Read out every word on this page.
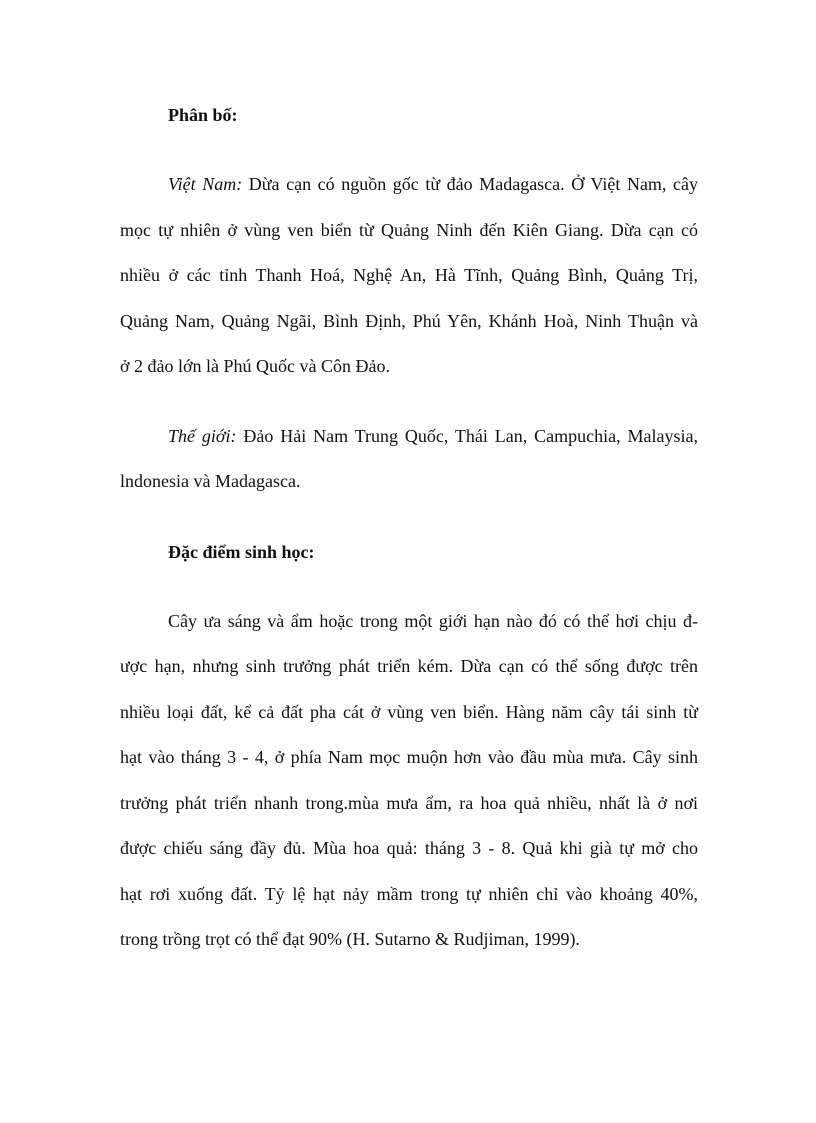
Phân bố:

Việt Nam: Dừa cạn có nguồn gốc từ đảo Madagasca. Ở Việt Nam, cây
mọc tự nhiên ở vùng ven biển từ Quảng Ninh đến Kiên Giang. Dừa cạn có
nhiều ở các tỉnh Thanh Hoá, Nghệ An, Hà Tĩnh, Quảng Bình, Quảng Trị,
Quảng Nam, Quảng Ngãi, Bình Định, Phú Yên, Khánh Hoà, Ninh Thuận và
ở 2 đảo lớn là Phú Quốc và Côn Đảo.

Thế giới: Đảo Hải Nam Trung Quốc, Thái Lan, Campuchia, Malaysia,
lndonesia và Madagasca.

Đặc điểm sinh học:

Cây ưa sáng và ẩm hoặc trong một giới hạn nào đó có thể hơi chịu đ-
ược hạn, nhưng sinh trưởng phát triển kém. Dừa cạn có thể sống được trên
nhiều loại đất, kể cả đất pha cát ở vùng ven biển. Hàng năm cây tái sinh từ
hạt vào tháng 3 - 4, ở phía Nam mọc muộn hơn vào đầu mùa mưa. Cây sinh
trưởng phát triển nhanh trong.mùa mưa ẩm, ra hoa quả nhiều, nhất là ở nơi
được chiếu sáng đầy đủ. Mùa hoa quả: tháng 3 - 8. Quả khi già tự mở cho
hạt rơi xuống đất. Tỷ lệ hạt nảy mầm trong tự nhiên chỉ vào khoảng 40%,
trong trồng trọt có thể đạt 90% (H. Sutarno & Rudjiman, 1999).
